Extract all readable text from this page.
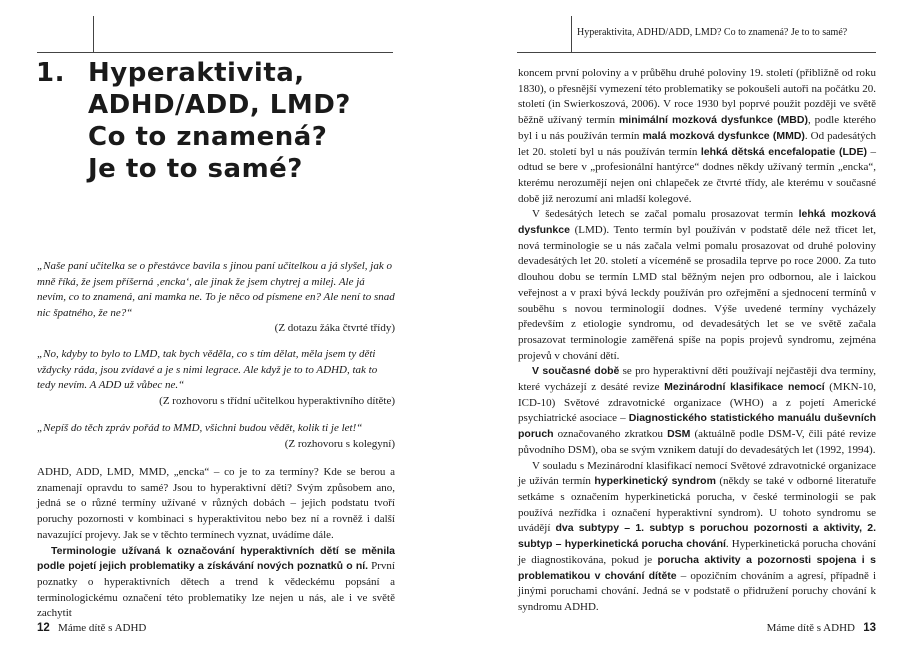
1. Hyperaktivita,
ADHD/ADD, LMD?
Co to znamená?
Je to to samé?
„Naše paní učitelka se o přestávce bavila s jinou paní učitelkou a já slyšel, jak o mně říká, že jsem příšerná ‚encka‘, ale jinak že jsem chytrej a milej. Ale já nevím, co to znamená, ani mamka ne. To je něco od písmene en? Ale není to snad nic špatného, že ne?“
(Z dotazu žáka čtvrté třídy)
„No, kdyby to bylo to LMD, tak bych věděla, co s tím dělat, měla jsem ty děti vždycky ráda, jsou zvídavé a je s nimi legrace. Ale když je to to ADHD, tak to tedy nevím. A ADD už vůbec ne.“
(Z rozhovoru s třídní učitelkou hyperaktivního dítěte)
„Nepíš do těch zpráv pořád to MMD, všichni budou vědět, kolik ti je let!“
(Z rozhovoru s kolegyní)

ADHD, ADD, LMD, MMD, „encka“ – co je to za termíny? Kde se berou a znamenají opravdu to samé? Jsou to hyperaktivní děti? Svým způsobem ano, jedná se o různé termíny užívané v různých dobách – jejich podstatu tvoří poruchy pozornosti v kombinaci s hyperaktivitou nebo bez ní a rovněž i další navazující projevy. Jak se v těchto termínech vyznat, uvádíme dále.

Terminologie užívaná k označování hyperaktivních dětí se měnila podle pojetí jejich problematiky a získávání nových poznatků o ní. První poznatky o hyperaktivních dětech a trend k vědeckému popsání a terminologickému označení této problematiky lze nejen u nás, ale i ve světě zachytit

12 Máme dítě s ADHD
Hyperaktivita, ADHD/ADD, LMD? Co to znamená? Je to to samé?

koncem první poloviny a v průběhu druhé poloviny 19. století (přibližně od roku 1830), o přesnější vymezení této problematiky se pokoušeli autoři na počátku 20. století (in Swierkoszová, 2006). V roce 1930 byl poprvé použit později ve světě běžně užívaný termín minimální mozková dysfunkce (MBD), podle kterého byl i u nás používán termín malá mozková dysfunkce (MMD). Od padesátých let 20. století byl u nás používán termín lehká dětská encefalopatie (LDE) – odtud se bere v „profesionální hantýrce“ dodnes někdy užívaný termín „encka“, kterému nerozumějí nejen oni chlapeček ze čtvrté třídy, ale kterému v současné době již nerozumí ani mladší kolegové.

V šedesátých letech se začal pomalu prosazovat termín lehká mozková dysfunkce (LMD). Tento termín byl používán v podstatě déle než třicet let, nová terminologie se u nás začala velmi pomalu prosazovat od druhé poloviny devadesátých let 20. století a víceméně se prosadila teprve po roce 2000. Za tuto dlouhou dobu se termín LMD stal běžným nejen pro odbornou, ale i laickou veřejnost a v praxi bývá leckdy používán pro ozřejmění a sjednocení termínů v souběhu s novou terminologií dodnes. Výše uvedené termíny vycházely především z etiologie syndromu, od devadesátých let se ve světě začala prosazovat terminologie zaměřená spíše na popis projevů syndromu, zejména projevů v chování dětí.

V současné době se pro hyperaktivní děti používají nejčastěji dva termíny, které vycházejí z desáté revize Mezinárodní klasifikace nemocí (MKN-10, ICD-10) Světové zdravotnické organizace (WHO) a z pojetí Americké psychiatrické asociace – Diagnostického statistického manuálu duševních poruch označovaného zkratkou DSM (aktuálně podle DSM-V, čili páté revize původního DSM), oba se svým vznikem datují do devadesátých let (1992, 1994).

V souladu s Mezinárodní klasifikací nemocí Světové zdravotnické organizace je užíván termín hyperkinetický syndrom (někdy se také v odborné literatuře setkáme s označením hyperkinetická porucha, v české terminologii se pak používá nezřídka i označení hyperaktivní syndrom). U tohoto syndromu se uvádějí dva subtypy – 1. subtyp s poruchou pozornosti a aktivity, 2. subtyp – hyperkinetická porucha chování. Hyperkinetická porucha chování je diagnostikována, pokud je porucha aktivity a pozornosti spojena i s problematikou v chování dítěte – opozičním chováním a agresí, případně i jinými poruchami chování. Jedná se v podstatě o přidružení poruchy chování k syndromu ADHD.

Máme dítě s ADHD 13
